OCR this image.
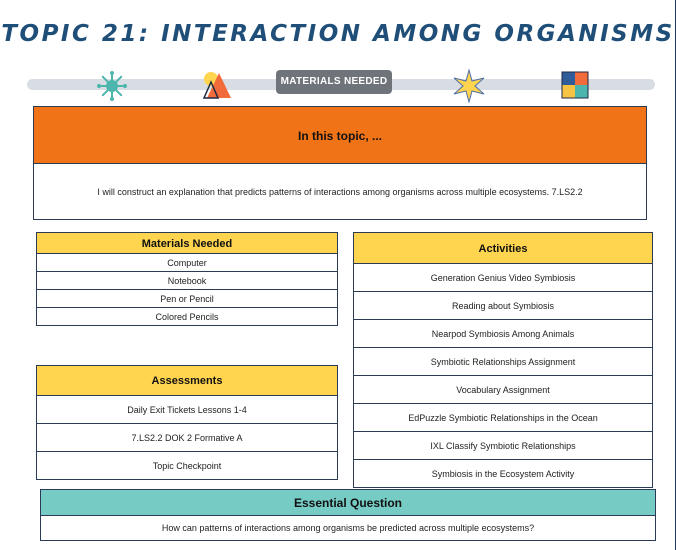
TOPIC 21: INTERACTION AMONG ORGANISMS
MATERIALS NEEDED
In this topic, ...
I will construct an explanation that predicts patterns of interactions among organisms across multiple ecosystems. 7.LS2.2
Materials Needed
Computer
Notebook
Pen or Pencil
Colored Pencils
Assessments
Daily Exit Tickets Lessons 1-4
7.LS2.2 DOK 2 Formative A
Topic Checkpoint
Activities
Generation Genius Video Symbiosis
Reading about Symbiosis
Nearpod Symbiosis Among Animals
Symbiotic Relationships Assignment
Vocabulary Assignment
EdPuzzle Symbiotic Relationships in the Ocean
IXL Classify Symbiotic Relationships
Symbiosis in the Ecosystem Activity
Essential Question
How can patterns of interactions among organisms be predicted across multiple ecosystems?
